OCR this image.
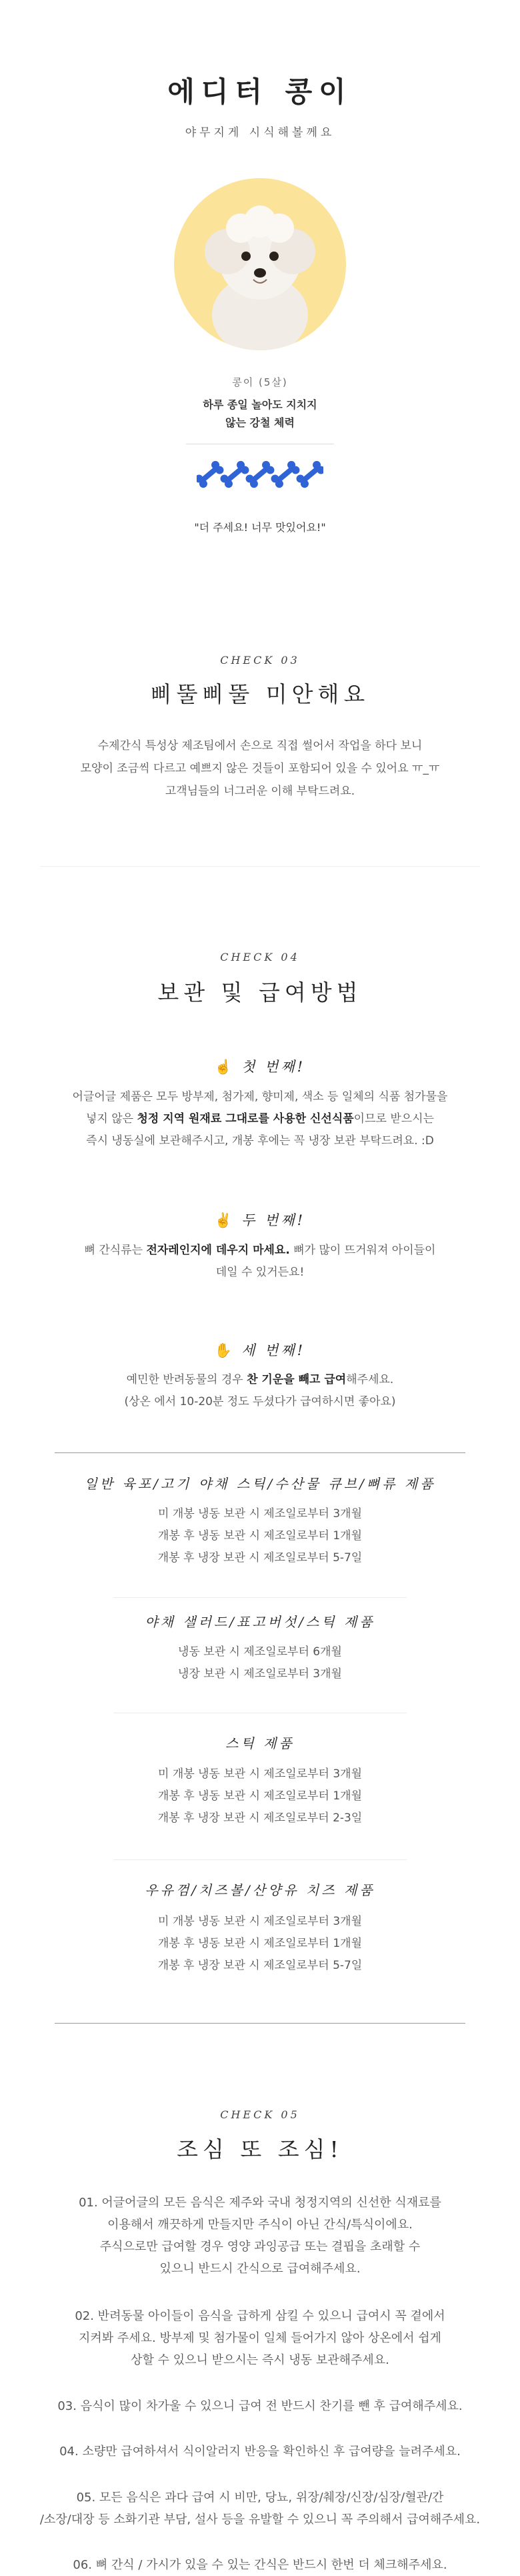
에디터 콩이
야무지게 시식해볼께요
콩이 (5살)
하루 종일 놀아도 지치지
않는 강철 체력
"더 주세요! 너무 맛있어요!"
CHECK 03
삐뚤삐뚤 미안해요
수제간식 특성상 제조팀에서 손으로 직접 썰어서 작업을 하다 보니
모양이 조금씩 다르고 예쁘지 않은 것들이 포함되어 있을 수 있어요 ㅠ_ㅠ
고객님들의 너그러운 이해 부탁드려요.
CHECK 04
보관 및 급여방법
☝ 첫 번째!
어글어글 제품은 모두 방부제, 첨가제, 향미제, 색소 등 일체의 식품 첨가물을
넣지 않은 청정 지역 원재료 그대로를 사용한 신선식품이므로 받으시는
즉시 냉동실에 보관해주시고, 개봉 후에는 꼭 냉장 보관 부탁드려요. :D
✌ 두 번째!
뼈 간식류는 전자레인지에 데우지 마세요. 뼈가 많이 뜨거워져 아이들이
데일 수 있거든요!
✋ 세 번째!
예민한 반려동물의 경우 찬 기운을 빼고 급여해주세요.
(상온 에서 10-20분 정도 두셨다가 급여하시면 좋아요)
일반 육포/고기 야채 스틱/수산물 큐브/뼈류 제품
미 개봉 냉동 보관 시 제조일로부터 3개월
개봉 후 냉동 보관 시 제조일로부터 1개월
개봉 후 냉장 보관 시 제조일로부터 5-7일
야채 샐러드/표고버섯/스틱 제품
냉동 보관 시 제조일로부터 6개월
냉장 보관 시 제조일로부터 3개월
스틱 제품
미 개봉 냉동 보관 시 제조일로부터 3개월
개봉 후 냉동 보관 시 제조일로부터 1개월
개봉 후 냉장 보관 시 제조일로부터 2-3일
우유껌/치즈볼/산양유 치즈 제품
미 개봉 냉동 보관 시 제조일로부터 3개월
개봉 후 냉동 보관 시 제조일로부터 1개월
개봉 후 냉장 보관 시 제조일로부터 5-7일
CHECK 05
조심 또 조심!
01. 어글어글의 모든 음식은 제주와 국내 청정지역의 신선한 식재료를
이용해서 깨끗하게 만들지만 주식이 아닌 간식/특식이에요.
주식으로만 급여할 경우 영양 과잉공급 또는 결핍을 초래할 수
있으니 반드시 간식으로 급여해주세요.
02. 반려동물 아이들이 음식을 급하게 삼킬 수 있으니 급여시 꼭 곁에서
지켜봐 주세요. 방부제 및 첨가물이 일체 들어가지 않아 상온에서 쉽게
상할 수 있으니 받으시는 즉시 냉동 보관해주세요.
03. 음식이 많이 차가울 수 있으니 급여 전 반드시 찬기를 뺀 후 급여해주세요.
04. 소량만 급여하셔서 식이알러지 반응을 확인하신 후 급여량을 늘려주세요.
05. 모든 음식은 과다 급여 시 비만, 당뇨, 위장/췌장/신장/심장/혈관/간
/소장/대장 등 소화기관 부담, 설사 등을 유발할 수 있으니 꼭 주의해서 급여해주세요.
06. 뼈 간식 / 가시가 있을 수 있는 간식은 반드시 한번 더 체크해주세요.
